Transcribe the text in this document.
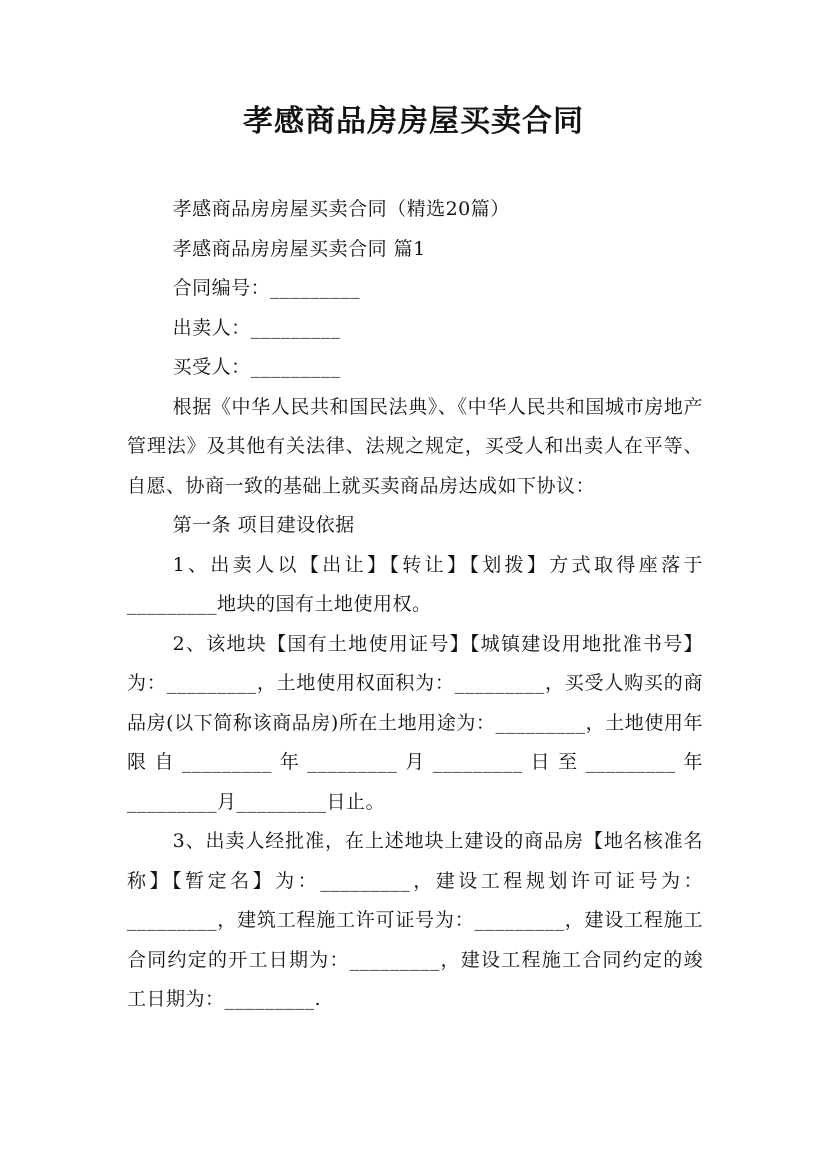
孝感商品房房屋买卖合同

孝感商品房房屋买卖合同（精选20篇）

孝感商品房房屋买卖合同 篇1

合同编号：_________

出卖人：_________

买受人：_________

根据《中华人民共和国民法典》、《中华人民共和国城市房地产管理法》及其他有关法律、法规之规定，买受人和出卖人在平等、自愿、协商一致的基础上就买卖商品房达成如下协议：

第一条 项目建设依据

1、出卖人以【出让】【转让】【划拨】方式取得座落于_________地块的国有土地使用权。

2、该地块【国有土地使用证号】【城镇建设用地批准书号】为：_________，土地使用权面积为：_________，买受人购买的商品房(以下简称该商品房)所在土地用途为：_________，土地使用年限自_________年_________月_________日至_________年_________月_________日止。

3、出卖人经批准，在上述地块上建设的商品房【地名核准名称】【暂定名】为：_________，建设工程规划许可证号为：_________，建筑工程施工许可证号为：_________，建设工程施工合同约定的开工日期为：_________，建设工程施工合同约定的竣工日期为：_________.
